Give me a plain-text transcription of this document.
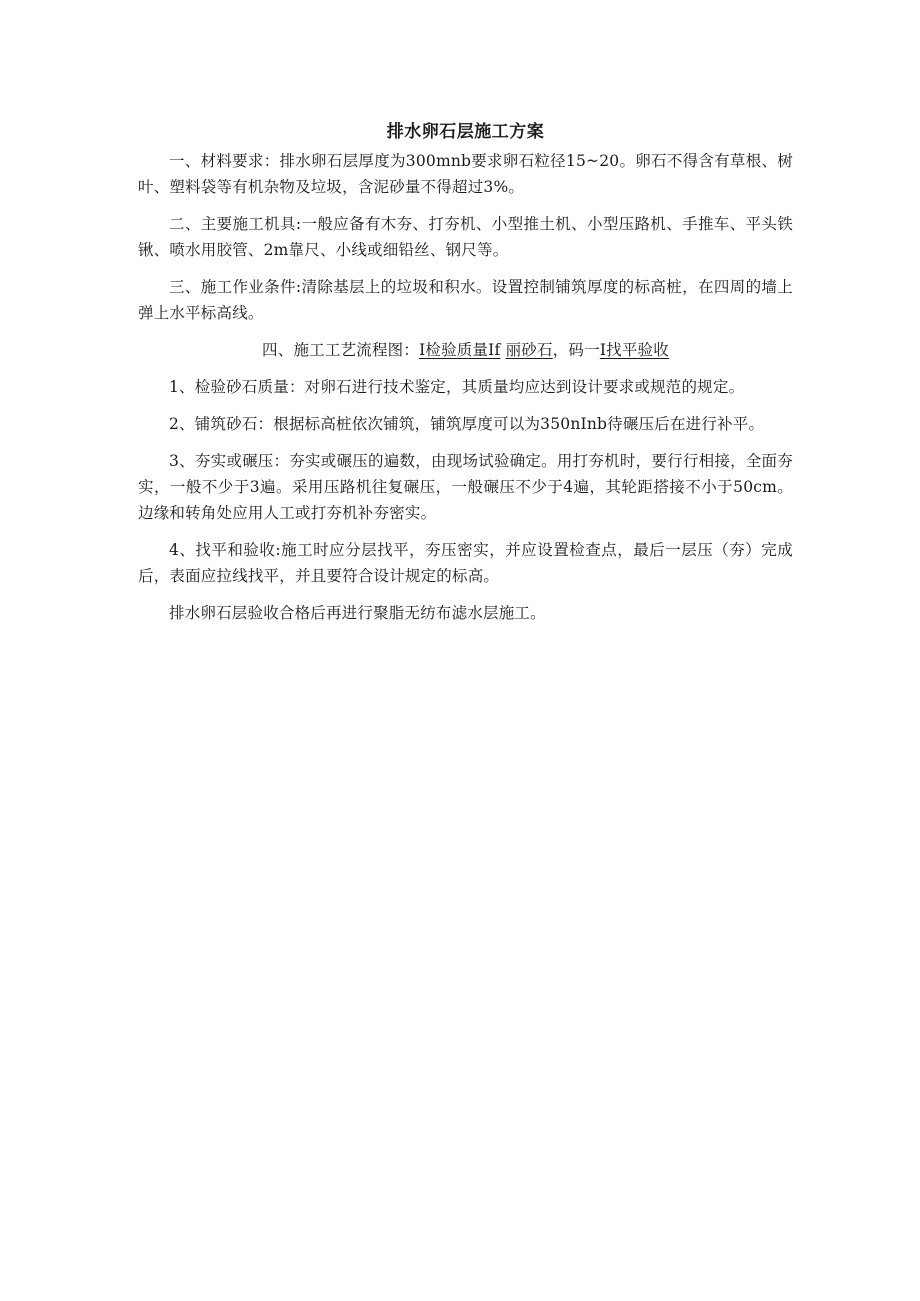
排水卵石层施工方案

一、材料要求：排水卵石层厚度为300mnb要求卵石粒径15~20。卵石不得含有草根、树叶、塑料袋等有机杂物及垃圾，含泥砂量不得超过3%。

二、主要施工机具:一般应备有木夯、打夯机、小型推土机、小型压路机、手推车、平头铁锹、喷水用胶管、2m靠尺、小线或细铅丝、钢尺等。

三、施工作业条件:清除基层上的垃圾和积水。设置控制铺筑厚度的标高桩，在四周的墙上弹上水平标高线。

四、施工工艺流程图：I检验质量If 丽砂石，码一I找平验收

1、检验砂石质量：对卵石进行技术鉴定，其质量均应达到设计要求或规范的规定。

2、铺筑砂石：根据标高桩依次铺筑，铺筑厚度可以为350nInb待碾压后在进行补平。

3、夯实或碾压：夯实或碾压的遍数，由现场试验确定。用打夯机时，要行行相接，全面夯实，一般不少于3遍。采用压路机往复碾压，一般碾压不少于4遍，其轮距搭接不小于50cm。边缘和转角处应用人工或打夯机补夯密实。

4、找平和验收:施工时应分层找平，夯压密实，并应设置检查点，最后一层压（夯）完成后，表面应拉线找平，并且要符合设计规定的标高。

排水卵石层验收合格后再进行聚脂无纺布滤水层施工。
